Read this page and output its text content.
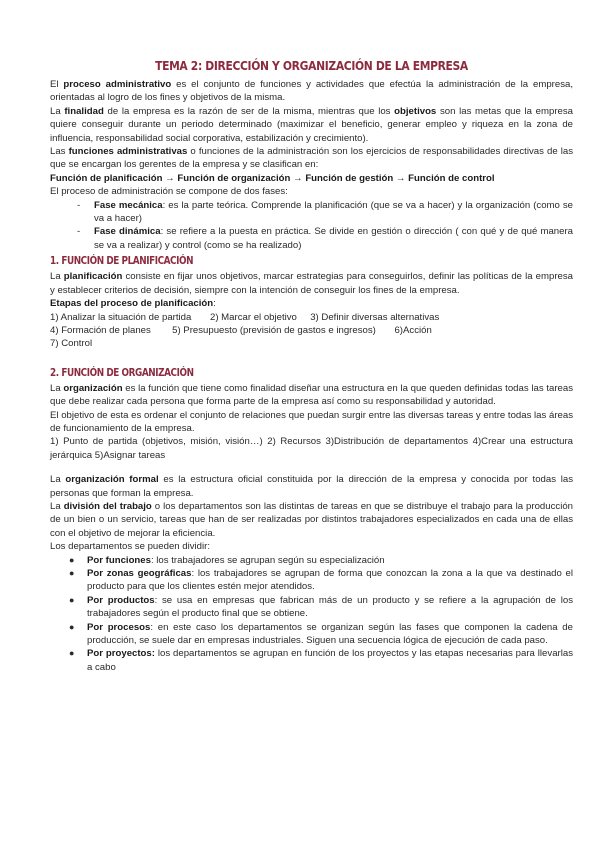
TEMA 2: DIRECCIÓN Y ORGANIZACIÓN DE LA EMPRESA

El proceso administrativo es el conjunto de funciones y actividades que efectúa la administración de la empresa, orientadas al logro de los fines y objetivos de la misma.

La finalidad de la empresa es la razón de ser de la misma, mientras que los objetivos son las metas que la empresa quiere conseguir durante un periodo determinado (maximizar el beneficio, generar empleo y riqueza en la zona de influencia, responsabilidad social corporativa, estabilización y crecimiento).

Las funciones administrativas o funciones de la administración son los ejercicios de responsabilidades directivas de las que se encargan los gerentes de la empresa y se clasifican en:

Función de planificación → Función de organización → Función de gestión → Función de control

El proceso de administración se compone de dos fases:

- Fase mecánica: es la parte teórica. Comprende la planificación (que se va a hacer) y la organización (como se va a hacer)
- Fase dinámica: se refiere a la puesta en práctica. Se divide en gestión o dirección ( con qué y de qué manera se va a realizar) y control (como se ha realizado)
1. FUNCIÓN DE PLANIFICACIÓN

La planificación consiste en fijar unos objetivos, marcar estrategias para conseguirlos, definir las políticas de la empresa y establecer criterios de decisión, siempre con la intención de conseguir los fines de la empresa.

Etapas del proceso de planificación:

1) Analizar la situación de partida       2) Marcar el objetivo     3) Definir diversas alternativas

4) Formación de planes        5) Presupuesto (previsión de gastos e ingresos)       6)Acción

7) Control

2. FUNCIÓN DE ORGANIZACIÓN

La organización es la función que tiene como finalidad diseñar una estructura en la que queden definidas todas las tareas que debe realizar cada persona que forma parte de la empresa así como su responsabilidad y autoridad.

El objetivo de esta es ordenar el conjunto de relaciones que puedan surgir entre las diversas tareas y entre todas las áreas de funcionamiento de la empresa.

1) Punto de partida (objetivos, misión, visión…) 2) Recursos 3)Distribución de departamentos 4)Crear una estructura jerárquica 5)Asignar tareas

La organización formal es la estructura oficial constituida por la dirección de la empresa y conocida por todas las personas que forman la empresa.

La división del trabajo o los departamentos son las distintas de tareas en que se distribuye el trabajo para la producción de un bien o un servicio, tareas que han de ser realizadas por distintos trabajadores especializados en cada una de ellas con el objetivo de mejorar la eficiencia.

Los departamentos se pueden dividir:

● Por funciones: los trabajadores se agrupan según su especialización
● Por zonas geográficas: los trabajadores se agrupan de forma que conozcan la zona a la que va destinado el producto para que los clientes estén mejor atendidos.
● Por productos: se usa en empresas que fabrican más de un producto y se refiere a la agrupación de los trabajadores según el producto final que se obtiene.
● Por procesos: en este caso los departamentos se organizan según las fases que componen la cadena de producción, se suele dar en empresas industriales. Siguen una secuencia lógica de ejecución de cada paso.
● Por proyectos: los departamentos se agrupan en función de los proyectos y las etapas necesarias para llevarlas a cabo
